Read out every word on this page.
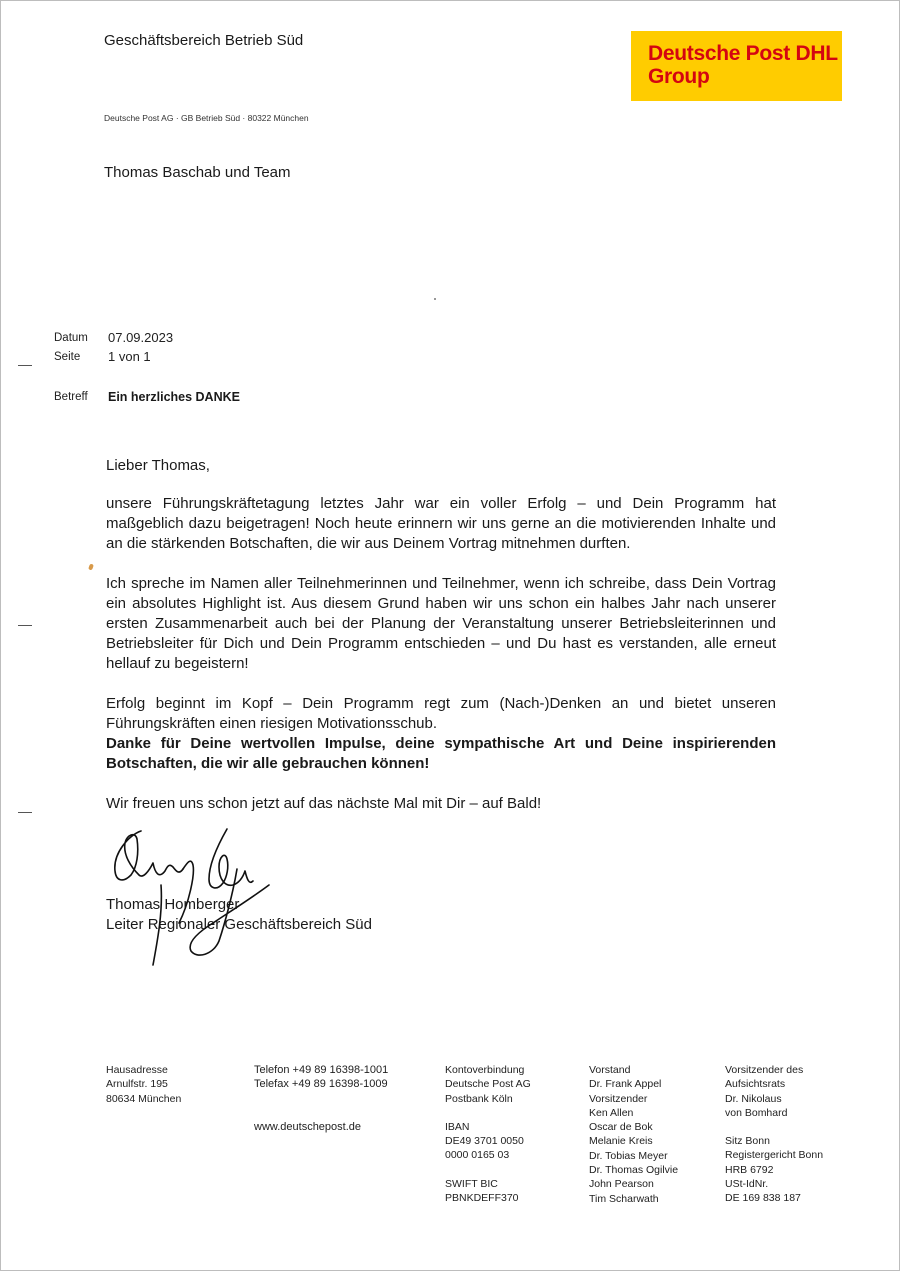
Geschäftsbereich Betrieb Süd
Deutsche Post DHL
Group
Deutsche Post AG · GB Betrieb Süd · 80322 München
Thomas Baschab und Team
Datum 07.09.2023
Seite 1 von 1
Betreff Ein herzliches DANKE
Lieber Thomas,
unsere Führungskräftetagung letztes Jahr war ein voller Erfolg – und Dein Programm hat maßgeblich dazu beigetragen! Noch heute erinnern wir uns gerne an die motivierenden Inhalte und an die stärkenden Botschaften, die wir aus Deinem Vortrag mitnehmen durften.
Ich spreche im Namen aller Teilnehmerinnen und Teilnehmer, wenn ich schreibe, dass Dein Vortrag ein absolutes Highlight ist. Aus diesem Grund haben wir uns schon ein halbes Jahr nach unserer ersten Zusammenarbeit auch bei der Planung der Veranstaltung unserer Betriebsleiterinnen und Betriebsleiter für Dich und Dein Programm entschieden – und Du hast es verstanden, alle erneut hellauf zu begeistern!
Erfolg beginnt im Kopf – Dein Programm regt zum (Nach-)Denken an und bietet unseren Führungskräften einen riesigen Motivationsschub.
Danke für Deine wertvollen Impulse, deine sympathische Art und Deine inspirierenden Botschaften, die wir alle gebrauchen können!
Wir freuen uns schon jetzt auf das nächste Mal mit Dir – auf Bald!
Thomas Homberger
Leiter Regionaler Geschäftsbereich Süd
Hausadresse
Arnulfstr. 195
80634 München
Telefon +49 89 16398-1001
Telefax +49 89 16398-1009
www.deutschepost.de
Kontoverbindung
Deutsche Post AG
Postbank Köln
IBAN
DE49 3701 0050
0000 0165 03
SWIFT BIC
PBNKDEFF370
Vorstand
Dr. Frank Appel
Vorsitzender
Ken Allen
Oscar de Bok
Melanie Kreis
Dr. Tobias Meyer
Dr. Thomas Ogilvie
John Pearson
Tim Scharwath
Vorsitzender des
Aufsichtsrats
Dr. Nikolaus
von Bomhard
Sitz Bonn
Registergericht Bonn
HRB 6792
USt-IdNr.
DE 169 838 187
